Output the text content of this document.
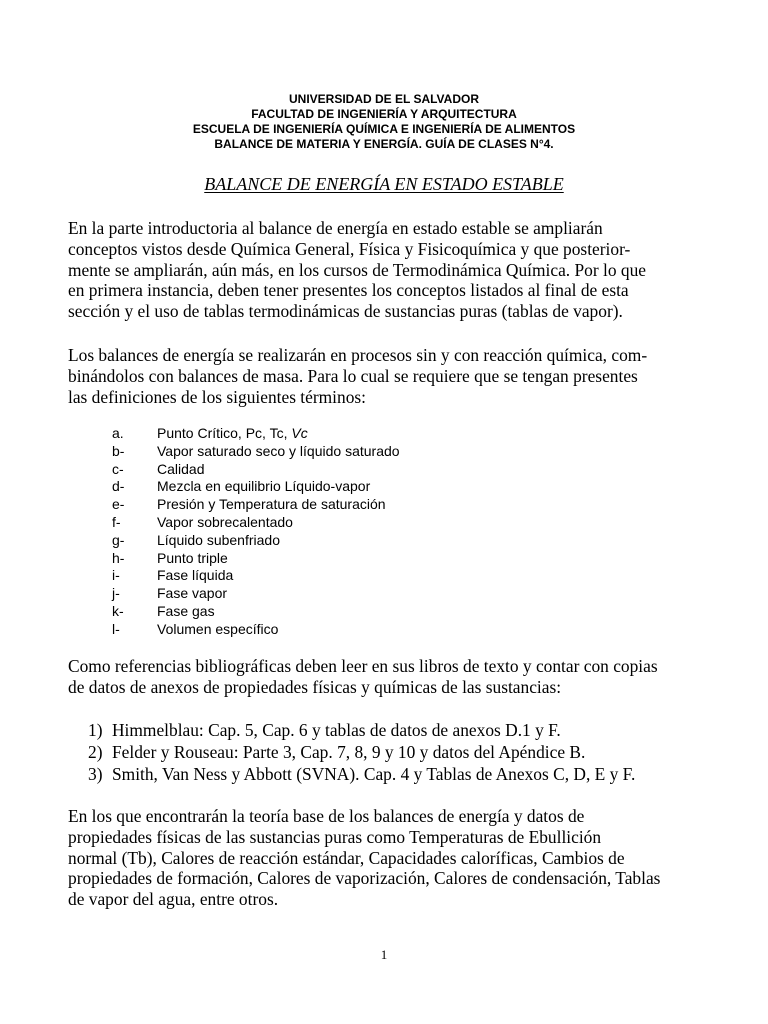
UNIVERSIDAD DE EL SALVADOR
FACULTAD DE INGENIERÍA Y ARQUITECTURA
ESCUELA DE INGENIERÍA QUÍMICA E INGENIERÍA DE ALIMENTOS
BALANCE DE MATERIA Y ENERGÍA. GUÍA DE CLASES N°4.
BALANCE DE ENERGÍA EN ESTADO ESTABLE
En la parte introductoria al balance de energía en estado estable se ampliarán
conceptos vistos desde Química General, Física y Fisicoquímica y que posterior-
mente se ampliarán, aún más, en los cursos de Termodinámica Química. Por lo que
en primera instancia, deben tener presentes los conceptos listados al final de esta
sección y el uso de tablas termodinámicas de sustancias puras (tablas de vapor).
Los balances de energía se realizarán en procesos sin y con reacción química, com-
binándolos con balances de masa. Para lo cual se requiere que se tengan presentes
las definiciones de los siguientes términos:
a.	Punto Crítico, Pc, Tc, Vc
b-	Vapor saturado seco y líquido saturado
c-	Calidad
d-	Mezcla en equilibrio Líquido-vapor
e-	Presión y Temperatura de saturación
f-	Vapor sobrecalentado
g-	Líquido subenfriado
h-	Punto triple
i-	Fase líquida
j-	Fase vapor
k-	Fase gas
l-	Volumen específico
Como referencias bibliográficas deben leer en sus libros de texto y contar con copias
de datos de anexos de propiedades físicas y químicas de las sustancias:
1) Himmelblau: Cap. 5, Cap. 6 y tablas de datos de anexos D.1 y F.
2) Felder y Rouseau: Parte 3, Cap. 7, 8, 9 y 10 y datos del Apéndice B.
3) Smith, Van Ness y Abbott (SVNA). Cap. 4 y Tablas de Anexos C, D, E y F.
En los que encontrarán la teoría base de los balances de energía y datos de
propiedades físicas de las sustancias puras como Temperaturas de Ebullición
normal (Tb), Calores de reacción estándar, Capacidades caloríficas, Cambios de
propiedades de formación, Calores de vaporización, Calores de condensación, Tablas
de vapor del agua, entre otros.
1
